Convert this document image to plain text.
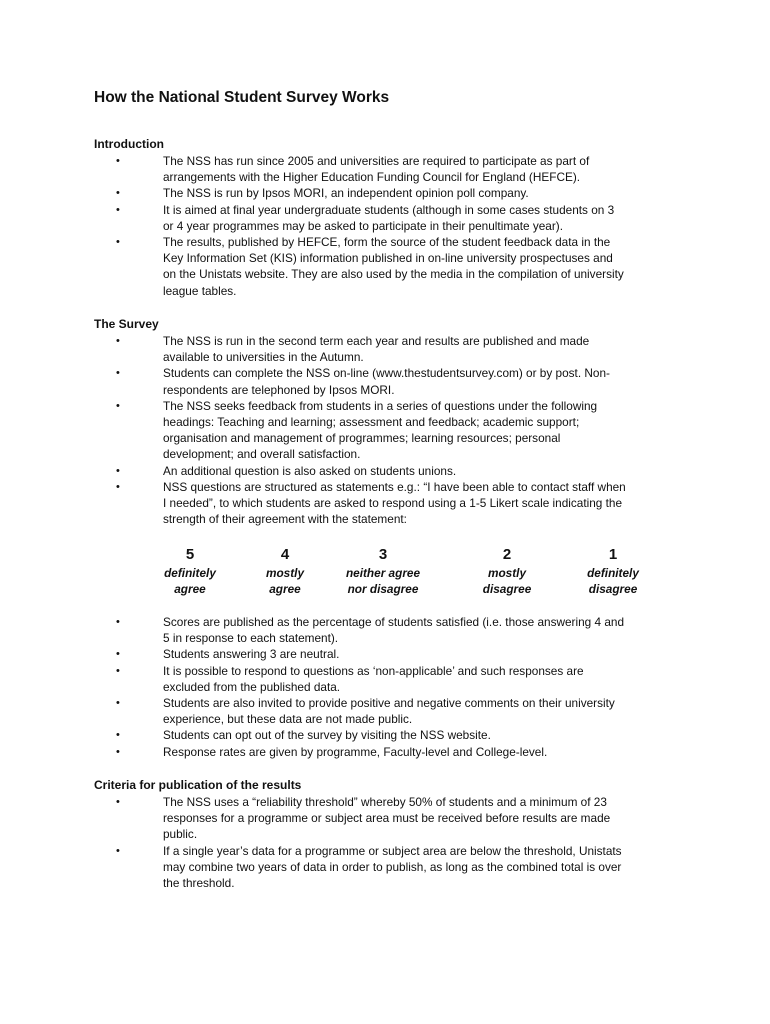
How the National Student Survey Works
Introduction
•	The NSS has run since 2005 and universities are required to participate as part of
arrangements with the Higher Education Funding Council for England (HEFCE).
•	The NSS is run by Ipsos MORI, an independent opinion poll company.
•	It is aimed at final year undergraduate students (although in some cases students on 3
or 4 year programmes may be asked to participate in their penultimate year).
•	The results, published by HEFCE, form the source of the student feedback data in the
Key Information Set (KIS) information published in on-line university prospectuses and
on the Unistats website. They are also used by the media in the compilation of university
league tables.
The Survey
•	The NSS is run in the second term each year and results are published and made
available to universities in the Autumn.
•	Students can complete the NSS on-line (www.thestudentsurvey.com) or by post. Non-
respondents are telephoned by Ipsos MORI.
•	The NSS seeks feedback from students in a series of questions under the following
headings: Teaching and learning; assessment and feedback; academic support;
organisation and management of programmes; learning resources; personal
development; and overall satisfaction.
•	An additional question is also asked on students unions.
•	NSS questions are structured as statements e.g.: “I have been able to contact staff when
I needed”, to which students are asked to respond using a 1-5 Likert scale indicating the
strength of their agreement with the statement:
5
definitely
agree
4
mostly
agree
3
neither agree
nor disagree
2
mostly
disagree
1
definitely
disagree
•	Scores are published as the percentage of students satisfied (i.e. those answering 4 and
5 in response to each statement).
•	Students answering 3 are neutral.
•	It is possible to respond to questions as ‘non-applicable’ and such responses are
excluded from the published data.
•	Students are also invited to provide positive and negative comments on their university
experience, but these data are not made public.
•	Students can opt out of the survey by visiting the NSS website.
•	Response rates are given by programme, Faculty-level and College-level.
Criteria for publication of the results
•	The NSS uses a “reliability threshold” whereby 50% of students and a minimum of 23
responses for a programme or subject area must be received before results are made
public.
•	If a single year’s data for a programme or subject area are below the threshold, Unistats
may combine two years of data in order to publish, as long as the combined total is over
the threshold.
